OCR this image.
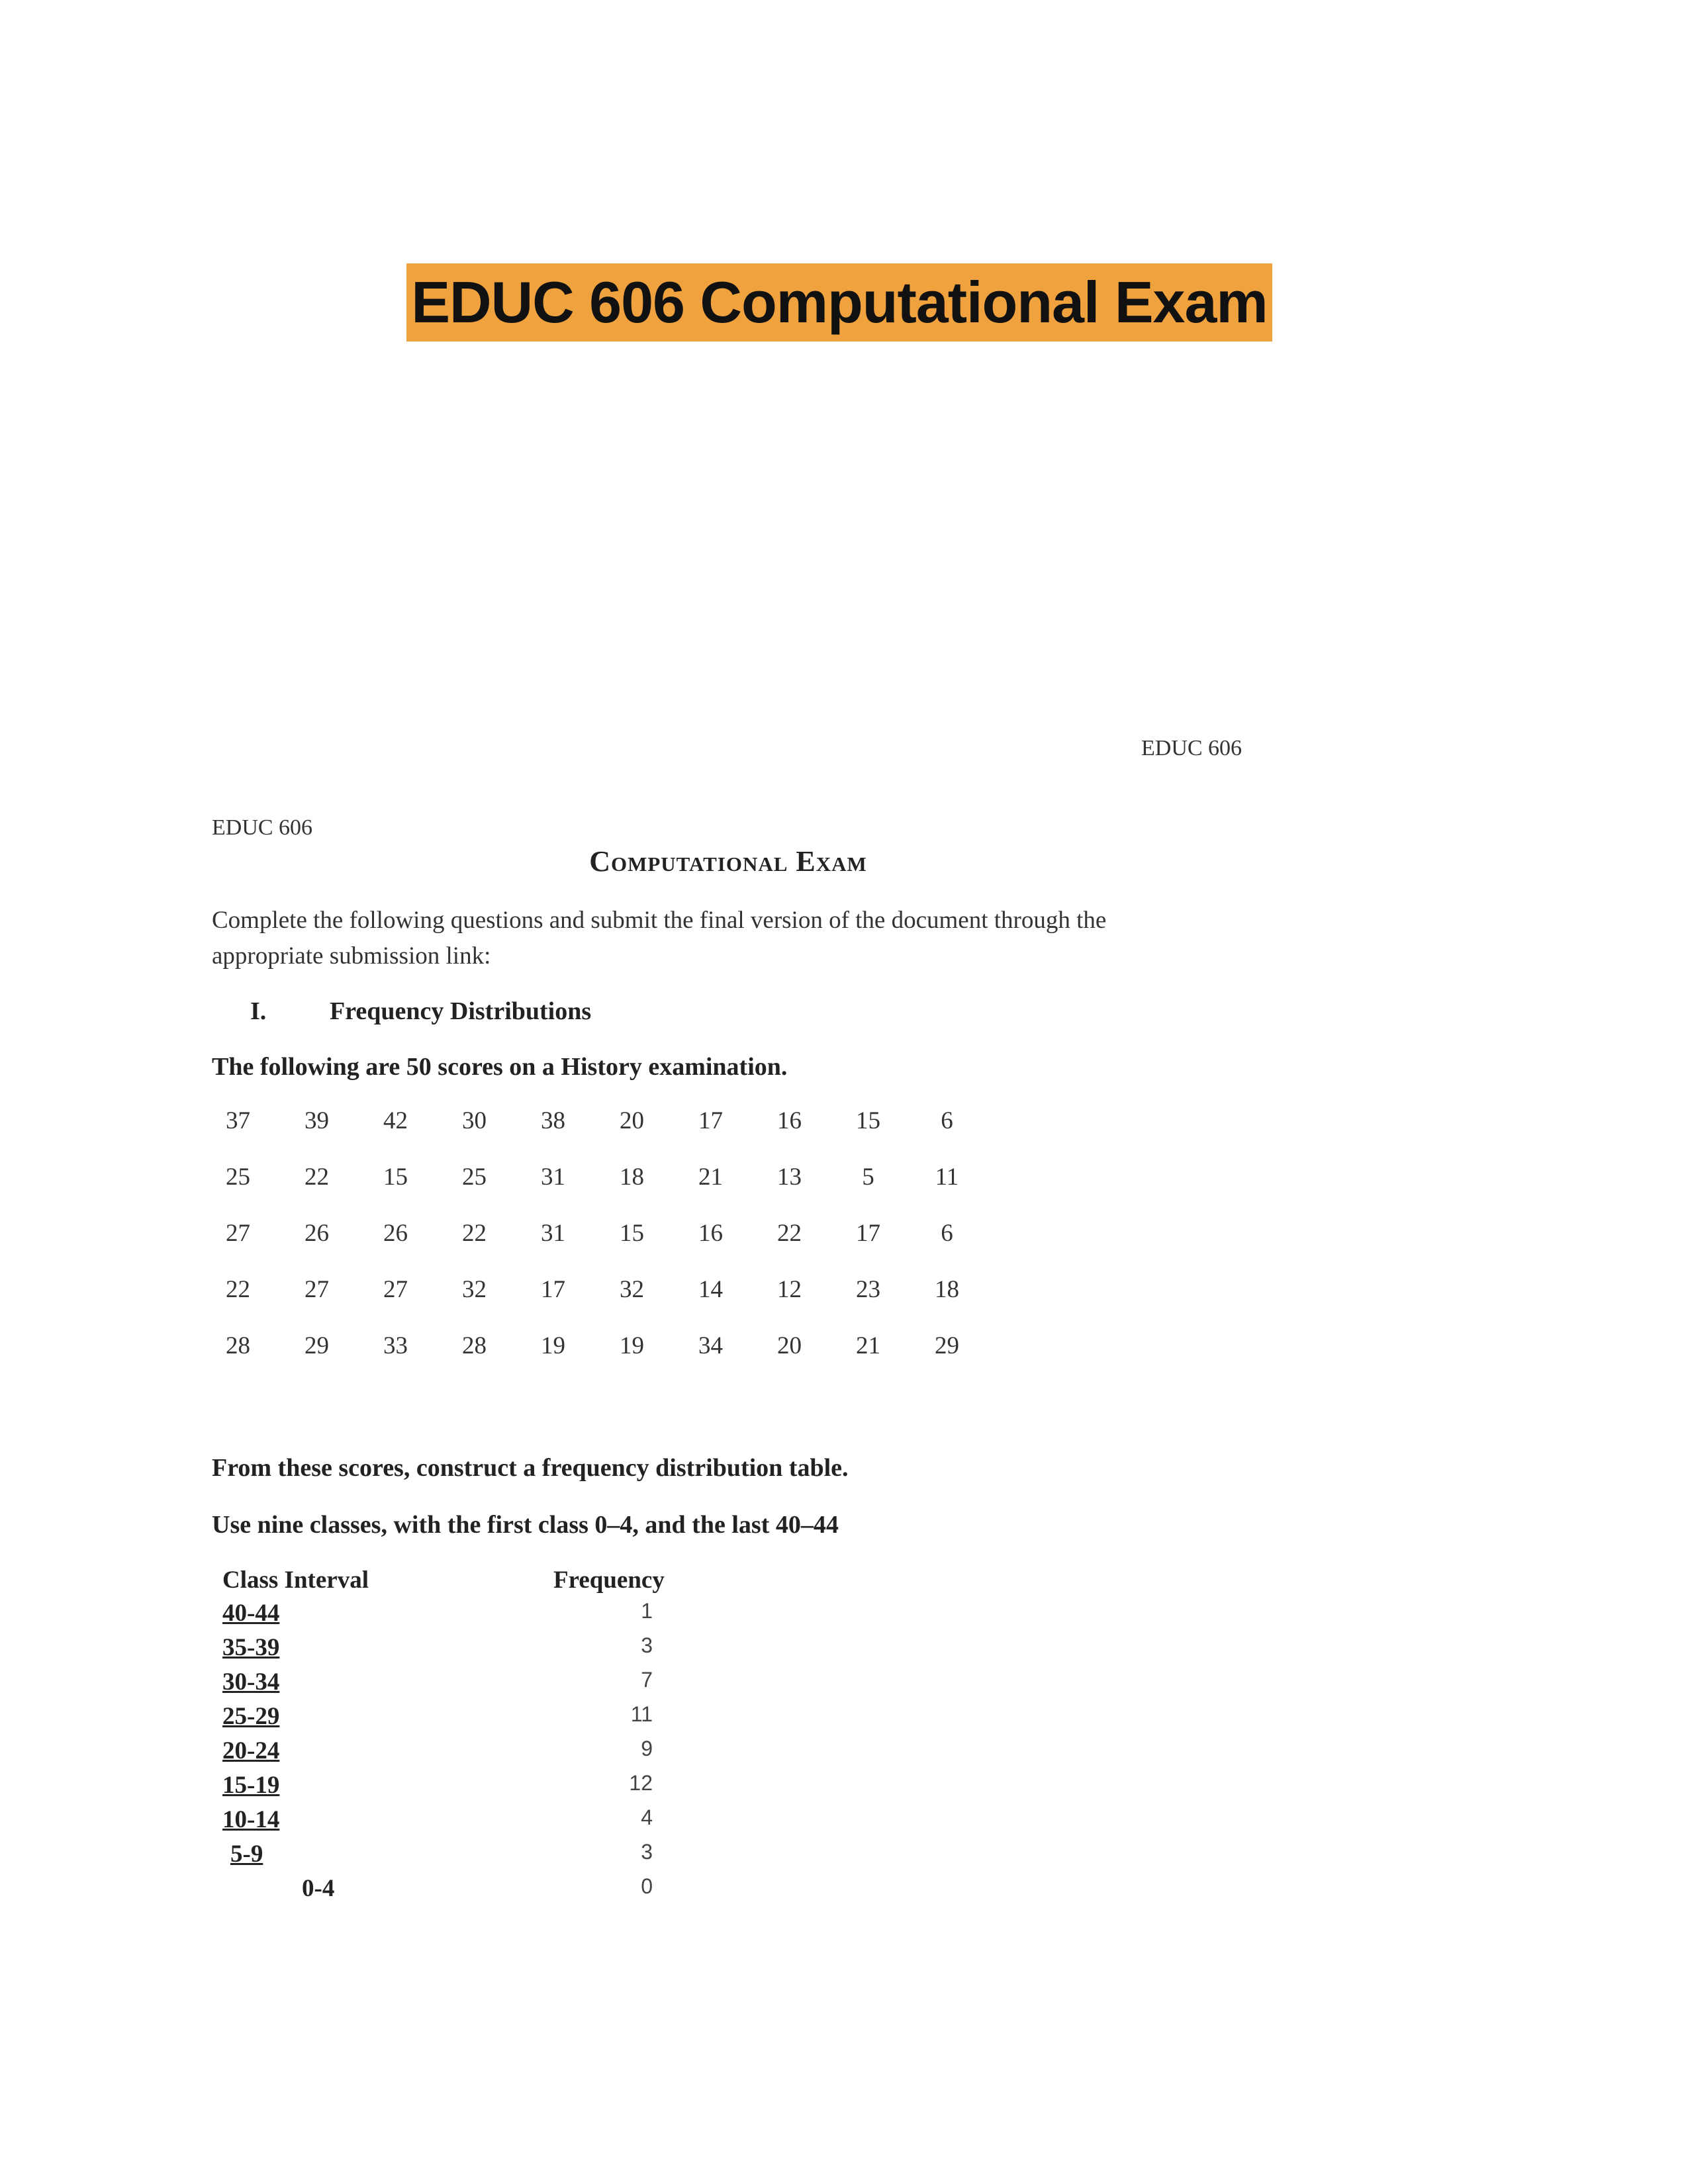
EDUC 606 Computational Exam
EDUC 606
EDUC 606
Computational Exam
Complete the following questions and submit the final version of the document through the appropriate submission link:
I.	Frequency Distributions
The following are 50 scores on a History examination.
37	39	42	30	38	20	17	16	15	6
25	22	15	25	31	18	21	13	5	11
27	26	26	22	31	15	16	22	17	6
22	27	27	32	17	32	14	12	23	18
28	29	33	28	19	19	34	20	21	29
From these scores, construct a frequency distribution table.
Use nine classes, with the first class 0–4, and the last 40–44
Class Interval	Frequency
40-44	1
35-39	3
30-34	7
25-29	11
20-24	9
15-19	12
10-14	4
5-9	3
0-4	0
